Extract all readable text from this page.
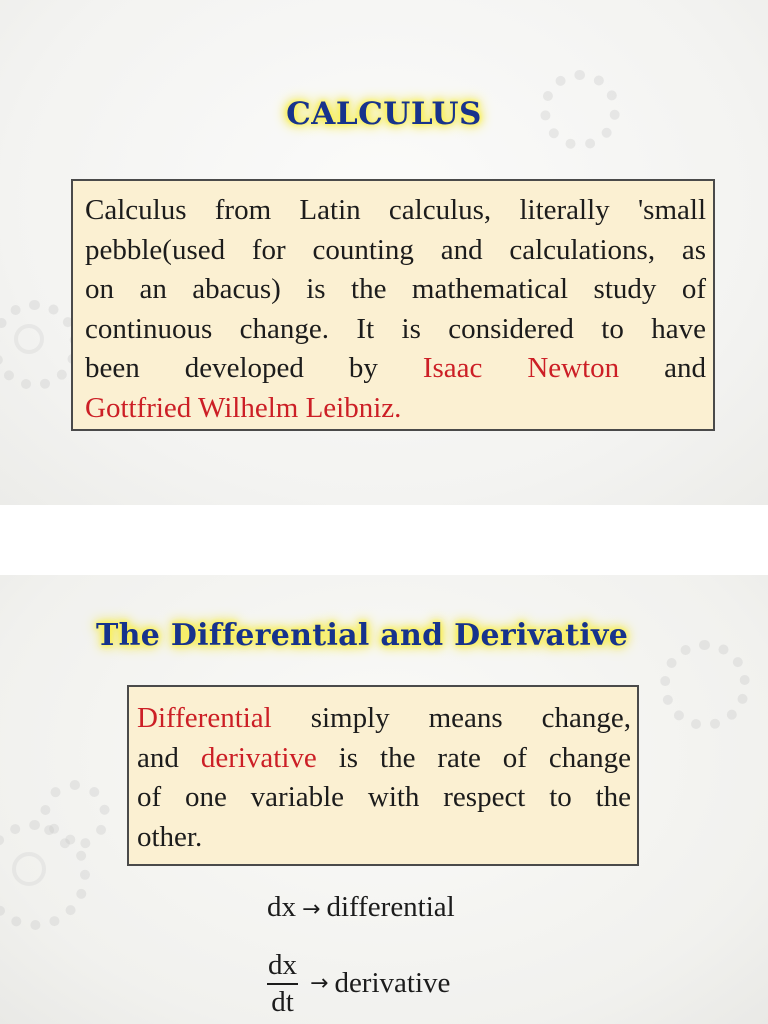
CALCULUS
Calculus from Latin calculus, literally 'small
pebble(used for counting and calculations, as
on an abacus) is the mathematical study of
continuous change. It is considered to have
been developed by Isaac Newton and
Gottfried Wilhelm Leibniz.
The Differential and Derivative
Differential simply means change,
and derivative is the rate of change
of one variable with respect to the
other.
dx → differential
$\frac{dx}{dt}$ → derivative
